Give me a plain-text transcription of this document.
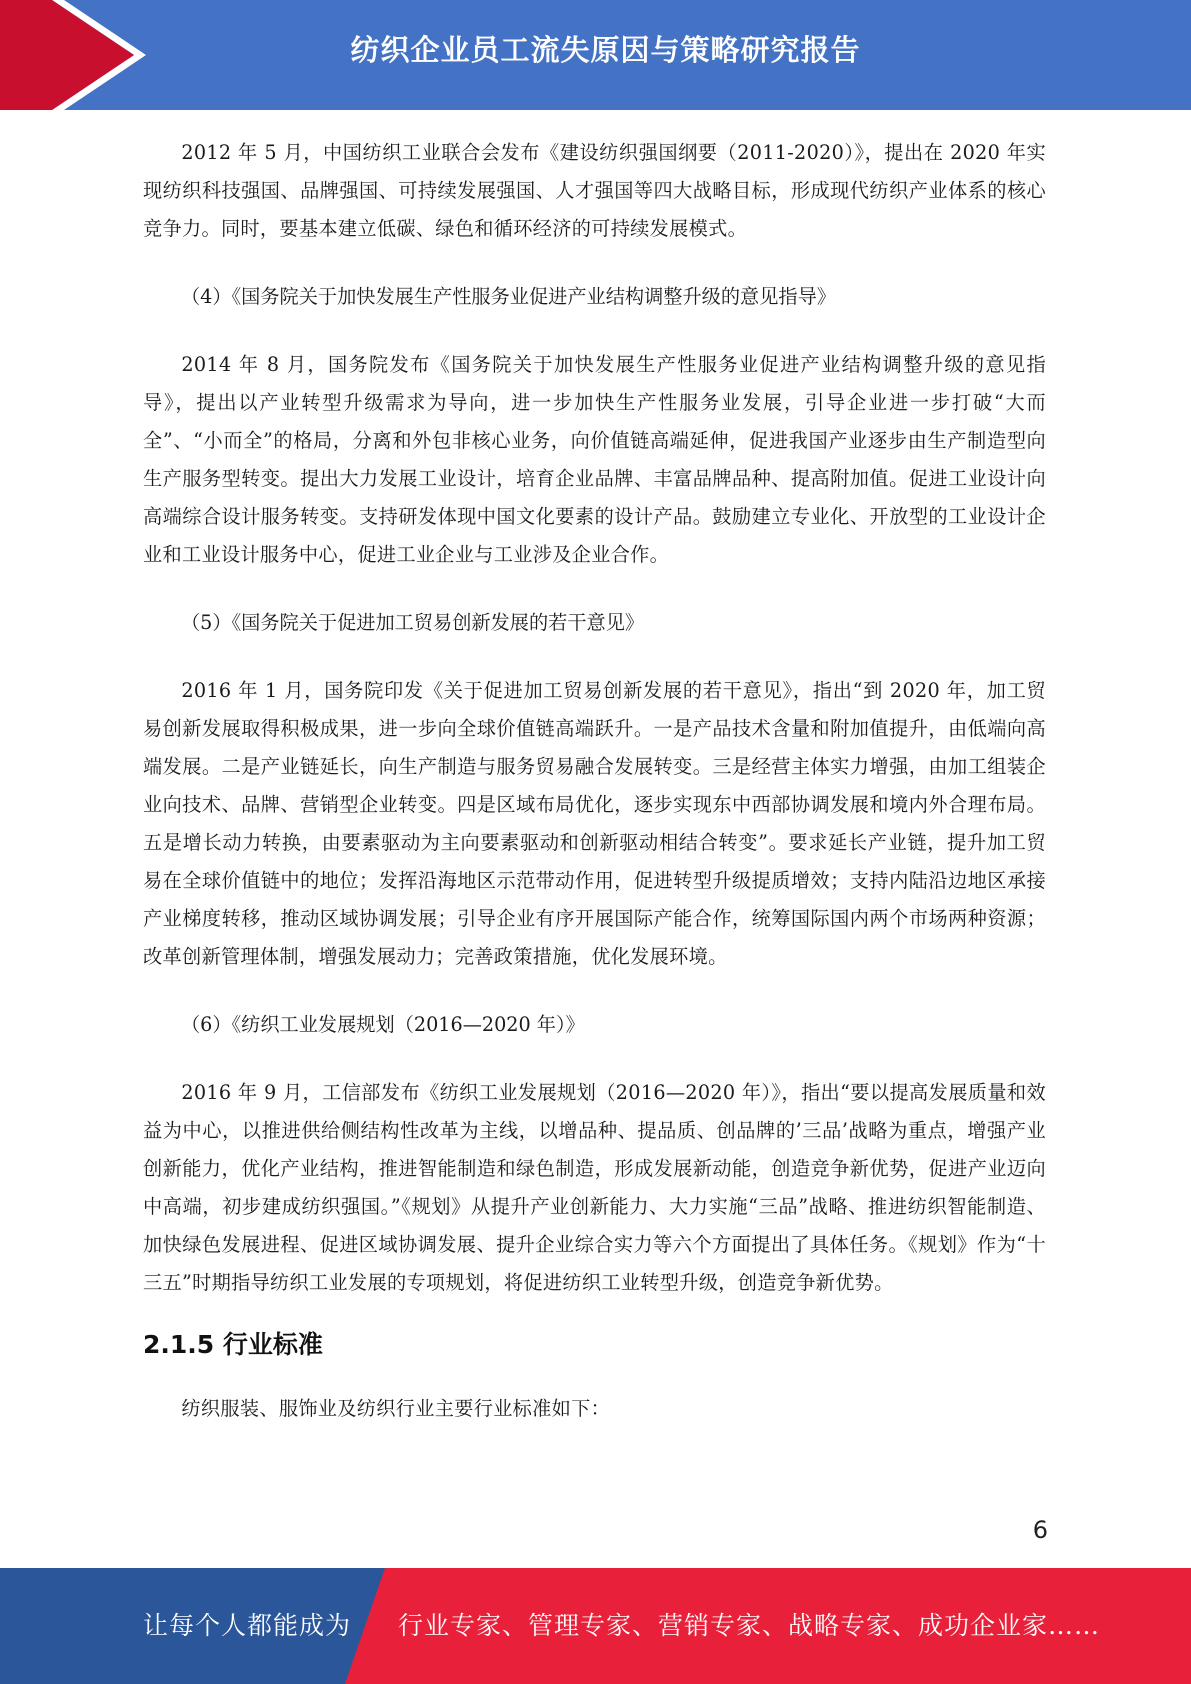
纺织企业员工流失原因与策略研究报告

2012 年 5 月，中国纺织工业联合会发布《建设纺织强国纲要（2011-2020）》，提出在 2020 年实现纺织科技强国、品牌强国、可持续发展强国、人才强国等四大战略目标，形成现代纺织产业体系的核心竞争力。同时，要基本建立低碳、绿色和循环经济的可持续发展模式。

（4）《国务院关于加快发展生产性服务业促进产业结构调整升级的意见指导》

2014 年 8 月，国务院发布《国务院关于加快发展生产性服务业促进产业结构调整升级的意见指导》，提出以产业转型升级需求为导向，进一步加快生产性服务业发展，引导企业进一步打破“大而全”、“小而全”的格局，分离和外包非核心业务，向价值链高端延伸，促进我国产业逐步由生产制造型向生产服务型转变。提出大力发展工业设计，培育企业品牌、丰富品牌品种、提高附加值。促进工业设计向高端综合设计服务转变。支持研发体现中国文化要素的设计产品。鼓励建立专业化、开放型的工业设计企业和工业设计服务中心，促进工业企业与工业涉及企业合作。

（5）《国务院关于促进加工贸易创新发展的若干意见》

2016 年 1 月，国务院印发《关于促进加工贸易创新发展的若干意见》，指出“到 2020 年，加工贸易创新发展取得积极成果，进一步向全球价值链高端跃升。一是产品技术含量和附加值提升，由低端向高端发展。二是产业链延长，向生产制造与服务贸易融合发展转变。三是经营主体实力增强，由加工组装企业向技术、品牌、营销型企业转变。四是区域布局优化，逐步实现东中西部协调发展和境内外合理布局。五是增长动力转换，由要素驱动为主向要素驱动和创新驱动相结合转变”。要求延长产业链，提升加工贸易在全球价值链中的地位；发挥沿海地区示范带动作用，促进转型升级提质增效；支持内陆沿边地区承接产业梯度转移，推动区域协调发展；引导企业有序开展国际产能合作，统筹国际国内两个市场两种资源；改革创新管理体制，增强发展动力；完善政策措施，优化发展环境。

（6）《纺织工业发展规划（2016—2020 年）》

2016 年 9 月，工信部发布《纺织工业发展规划（2016—2020 年）》，指出“要以提高发展质量和效益为中心，以推进供给侧结构性改革为主线，以增品种、提品质、创品牌的’三品’战略为重点，增强产业创新能力，优化产业结构，推进智能制造和绿色制造，形成发展新动能，创造竞争新优势，促进产业迈向中高端，初步建成纺织强国。”《规划》从提升产业创新能力、大力实施“三品”战略、推进纺织智能制造、加快绿色发展进程、促进区域协调发展、提升企业综合实力等六个方面提出了具体任务。《规划》作为“十三五”时期指导纺织工业发展的专项规划，将促进纺织工业转型升级，创造竞争新优势。

2.1.5 行业标准

纺织服装、服饰业及纺织行业主要行业标准如下：

6
让每个人都能成为 行业专家、管理专家、营销专家、战略专家、成功企业家……
